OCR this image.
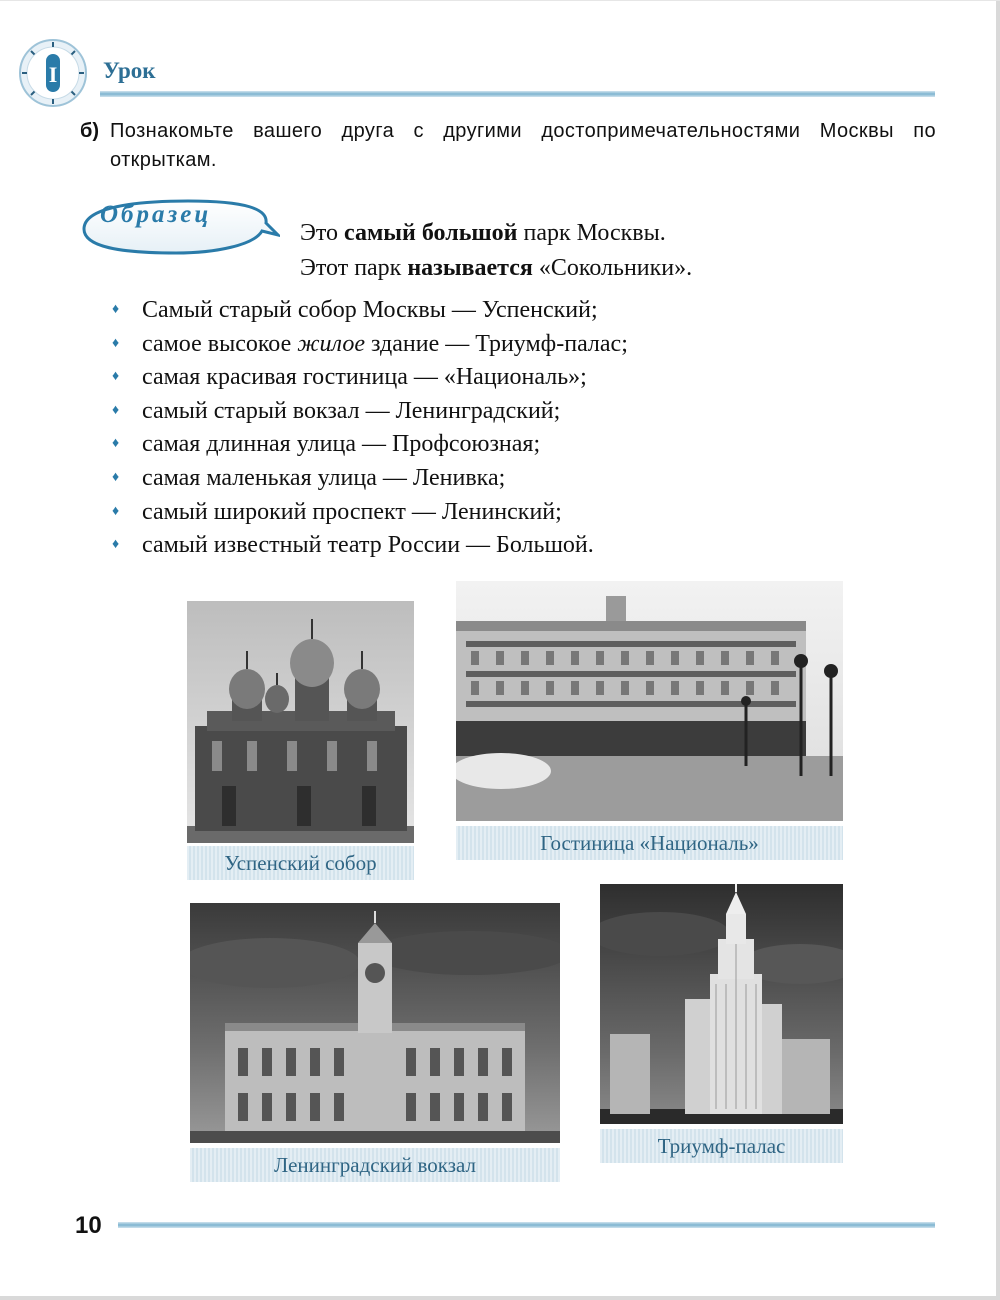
I Урок
б) Познакомьте вашего друга с другими достопримечательностями Москвы по открыткам.
Образец
Это самый большой парк Москвы.
Этот парк называется «Сокольники».
♦ Самый старый собор Москвы — Успенский;
♦ самое высокое жилое здание — Триумф-палас;
♦ самая красивая гостиница — «Националь»;
♦ самый старый вокзал — Ленинградский;
♦ самая длинная улица — Профсоюзная;
♦ самая маленькая улица — Ленивка;
♦ самый широкий проспект — Ленинский;
♦ самый известный театр России — Большой.
Успенский собор
Гостиница «Националь»
Ленинградский вокзал
Триумф-палас
10
